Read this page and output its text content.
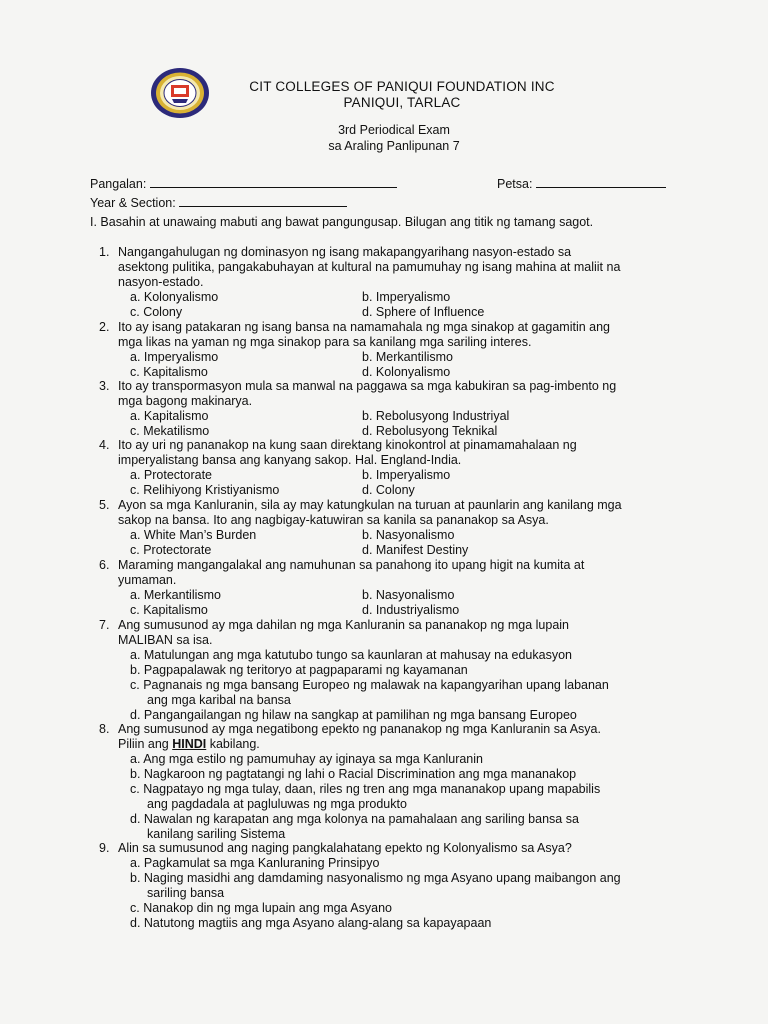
CIT COLLEGES OF PANIQUI FOUNDATION INC
PANIQUI, TARLAC
3rd Periodical Exam
sa Araling Panlipunan 7
Pangalan:	Petsa:
Year & Section:
I. Basahin at unawaing mabuti ang bawat pangungusap. Bilugan ang titik ng tamang sagot.
1. Nangangahulugan ng dominasyon ng isang makapangyarihang nasyon-estado sa
asektong pulitika, pangakabuhayan at kultural na pamumuhay ng isang mahina at maliit na
nasyon-estado.
a. Kolonyalismo	b. Imperyalismo
c. Colony	d. Sphere of Influence
2. Ito ay isang patakaran ng isang bansa na namamahala ng mga sinakop at gagamitin ang
mga likas na yaman ng mga sinakop para sa kanilang mga sariling interes.
a. Imperyalismo	b. Merkantilismo
c. Kapitalismo	d. Kolonyalismo
3. Ito ay transpormasyon mula sa manwal na paggawa sa mga kabukiran sa pag-imbento ng
mga bagong makinarya.
a. Kapitalismo	b. Rebolusyong Industriyal
c. Mekatilismo	d. Rebolusyong Teknikal
4. Ito ay uri ng pananakop na kung saan direktang kinokontrol at pinamamahalaan ng
imperyalistang bansa ang kanyang sakop. Hal. England-India.
a. Protectorate	b. Imperyalismo
c. Relihiyong Kristiyanismo	d. Colony
5. Ayon sa mga Kanluranin, sila ay may katungkulan na turuan at paunlarin ang kanilang mga
sakop na bansa. Ito ang nagbigay-katuwiran sa kanila sa pananakop sa Asya.
a. White Man’s Burden	b. Nasyonalismo
c. Protectorate	d. Manifest Destiny
6. Maraming mangangalakal ang namuhunan sa panahong ito upang higit na kumita at
yumaman.
a. Merkantilismo	b. Nasyonalismo
c. Kapitalismo	d. Industriyalismo
7. Ang sumusunod ay mga dahilan ng mga Kanluranin sa pananakop ng mga lupain
MALIBAN sa isa.
a. Matulungan ang mga katutubo tungo sa kaunlaran at mahusay na edukasyon
b. Pagpapalawak ng teritoryo at pagpaparami ng kayamanan
c. Pagnanais ng mga bansang Europeo ng malawak na kapangyarihan upang labanan
ang mga karibal na bansa
d. Pangangailangan ng hilaw na sangkap at pamilihan ng mga bansang Europeo
8. Ang sumusunod ay mga negatibong epekto ng pananakop ng mga Kanluranin sa Asya.
Piliin ang HINDI kabilang.
a. Ang mga estilo ng pamumuhay ay iginaya sa mga Kanluranin
b. Nagkaroon ng pagtatangi ng lahi o Racial Discrimination ang mga mananakop
c. Nagpatayo ng mga tulay, daan, riles ng tren ang mga mananakop upang mapabilis
ang pagdadala at pagluluwas ng mga produkto
d. Nawalan ng karapatan ang mga kolonya na pamahalaan ang sariling bansa sa
kanilang sariling Sistema
9. Alin sa sumusunod ang naging pangkalahatang epekto ng Kolonyalismo sa Asya?
a. Pagkamulat sa mga Kanluraning Prinsipyo
b. Naging masidhi ang damdaming nasyonalismo ng mga Asyano upang maibangon ang
sariling bansa
c. Nanakop din ng mga lupain ang mga Asyano
d. Natutong magtiis ang mga Asyano alang-alang sa kapayapaan
